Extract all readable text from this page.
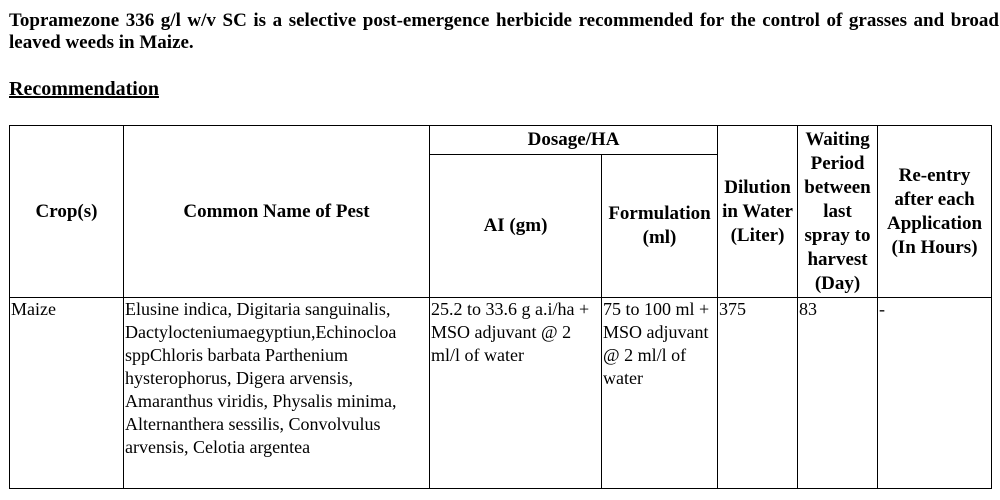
Topramezone 336 g/l w/v SC is a selective post-emergence herbicide recommended for the control of grasses and broad leaved weeds in Maize.

Recommendation
Crop(s)	Common Name of Pest	Dosage/HA		Dilution in Water (Liter)	Waiting Period between last spray to harvest (Day)	Re-entry after each Application (In Hours)
		AI (gm)	Formulation (ml)			
Maize	Elusine indica, Digitaria sanguinalis, Dactylocteniumaegyptiun,Echinocloa sppChloris barbata Parthenium hysterophorus, Digera arvensis, Amaranthus viridis, Physalis minima, Alternanthera sessilis, Convolvulus arvensis, Celotia argentea	25.2 to 33.6 g a.i/ha + MSO adjuvant @ 2 ml/l of water	75 to 100 ml + MSO adjuvant @ 2 ml/l of water	375	83	-
